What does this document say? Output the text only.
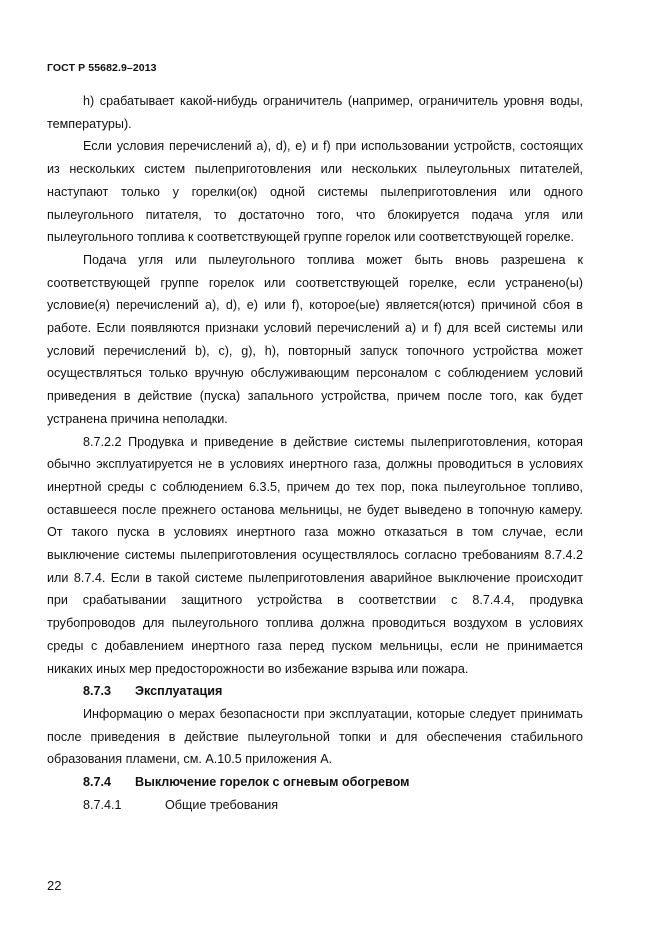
ГОСТ Р 55682.9–2013

h) срабатывает какой-нибудь ограничитель (например, ограничитель уровня воды, температуры).

Если условия перечислений a), d), e) и f) при использовании устройств, состоящих из нескольких систем пылеприготовления или нескольких пылеугольных питателей, наступают только у горелки(ок) одной системы пылеприготовления или одного пылеугольного питателя, то достаточно того, что блокируется подача угля или пылеугольного топлива к соответствующей группе горелок или соответствующей горелке.

Подача угля или пылеугольного топлива может быть вновь разрешена к соответствующей группе горелок или соответствующей горелке, если устранено(ы) условие(я) перечислений a), d), e) или f), которое(ые) является(ются) причиной сбоя в работе. Если появляются признаки условий перечислений a) и f) для всей системы или условий перечислений b), c), g), h), повторный запуск топочного устройства может осуществляться только вручную обслуживающим персоналом с соблюдением условий приведения в действие (пуска) запального устройства, причем после того, как будет устранена причина неполадки.

8.7.2.2 Продувка и приведение в действие системы пылеприготовления, которая обычно эксплуатируется не в условиях инертного газа, должны проводиться в условиях инертной среды с соблюдением 6.3.5, причем до тех пор, пока пылеугольное топливо, оставшееся после прежнего останова мельницы, не будет выведено в топочную камеру. От такого пуска в условиях инертного газа можно отказаться в том случае, если выключение системы пылеприготовления осуществлялось согласно требованиям 8.7.4.2 или 8.7.4. Если в такой системе пылеприготовления аварийное выключение происходит при срабатывании защитного устройства в соответствии с 8.7.4.4, продувка трубопроводов для пылеугольного топлива должна проводиться воздухом в условиях среды с добавлением инертного газа перед пуском мельницы, если не принимается никаких иных мер предосторожности во избежание взрыва или пожара.

8.7.3 Эксплуатация

Информацию о мерах безопасности при эксплуатации, которые следует принимать после приведения в действие пылеугольной топки и для обеспечения стабильного образования пламени, см. А.10.5 приложения А.

8.7.4 Выключение горелок с огневым обогревом
8.7.4.1	Общие требования
22
